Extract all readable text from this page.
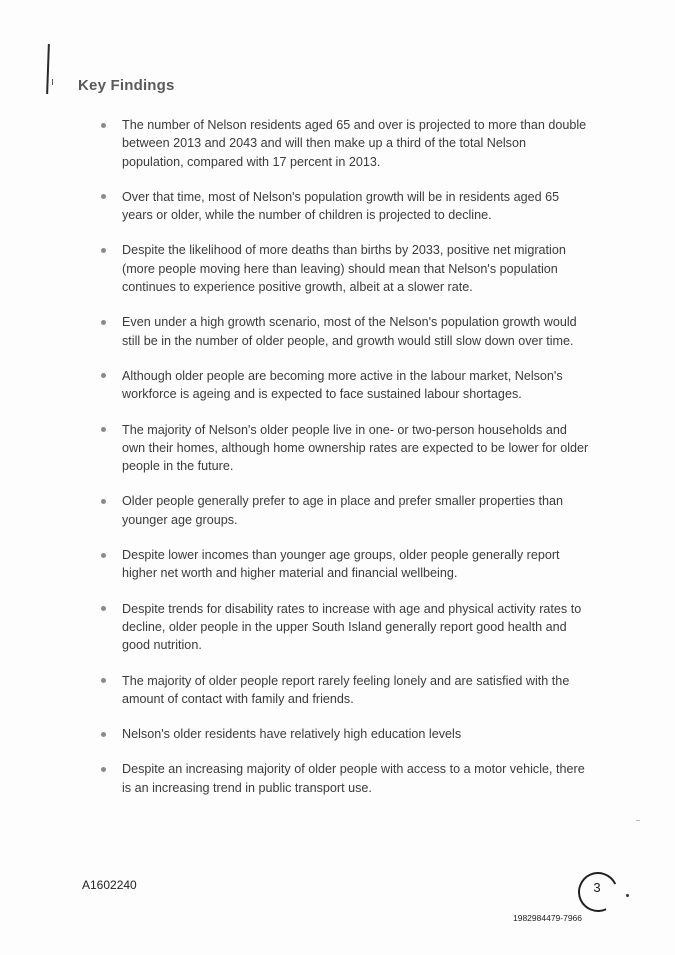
Key Findings
The number of Nelson residents aged 65 and over is projected to more than double between 2013 and 2043 and will then make up a third of the total Nelson population, compared with 17 percent in 2013.
Over that time, most of Nelson's population growth will be in residents aged 65 years or older, while the number of children is projected to decline.
Despite the likelihood of more deaths than births by 2033, positive net migration (more people moving here than leaving) should mean that Nelson's population continues to experience positive growth, albeit at a slower rate.
Even under a high growth scenario, most of the Nelson's population growth would still be in the number of older people, and growth would still slow down over time.
Although older people are becoming more active in the labour market, Nelson's workforce is ageing and is expected to face sustained labour shortages.
The majority of Nelson's older people live in one- or two-person households and own their homes, although home ownership rates are expected to be lower for older people in the future.
Older people generally prefer to age in place and prefer smaller properties than younger age groups.
Despite lower incomes than younger age groups, older people generally report higher net worth and higher material and financial wellbeing.
Despite trends for disability rates to increase with age and physical activity rates to decline, older people in the upper South Island generally report good health and good nutrition.
The majority of older people report rarely feeling lonely and are satisfied with the amount of contact with family and friends.
Nelson's older residents have relatively high education levels
Despite an increasing majority of older people with access to a motor vehicle, there is an increasing trend in public transport use.
A1602240	3
1982984479-7966
